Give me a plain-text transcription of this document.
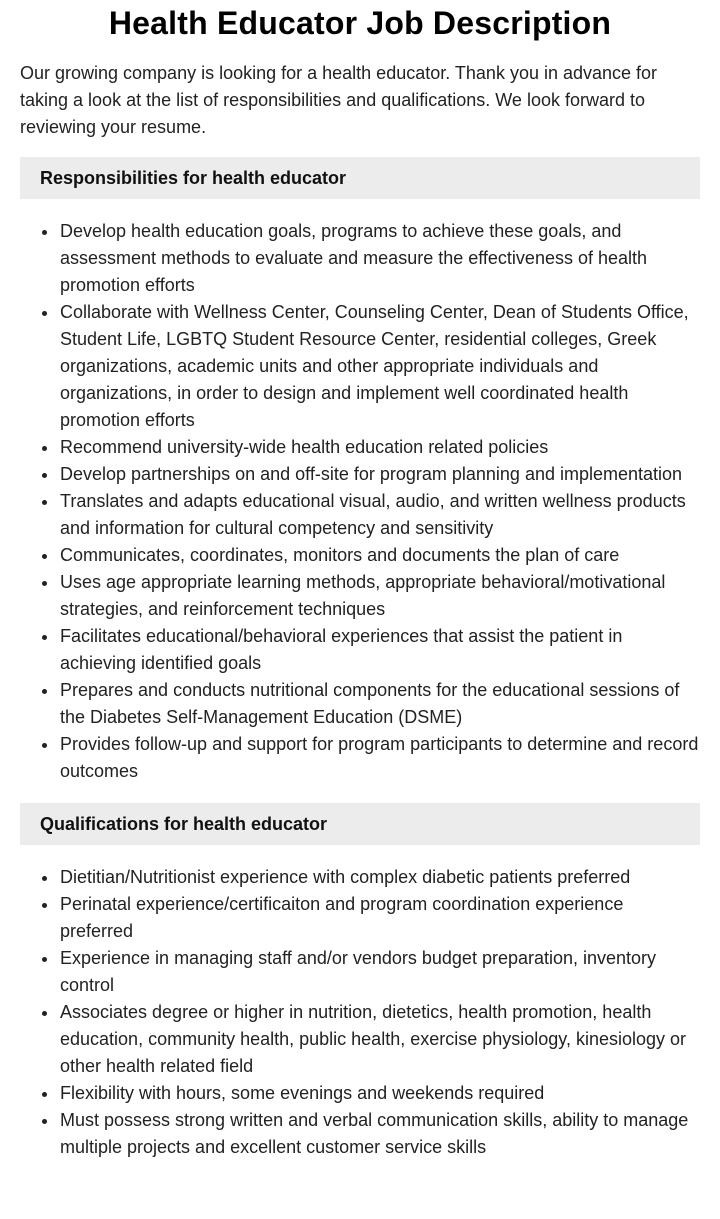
Health Educator Job Description

Our growing company is looking for a health educator. Thank you in advance for taking a look at the list of responsibilities and qualifications. We look forward to reviewing your resume.

Responsibilities for health educator
Develop health education goals, programs to achieve these goals, and assessment methods to evaluate and measure the effectiveness of health promotion efforts
Collaborate with Wellness Center, Counseling Center, Dean of Students Office, Student Life, LGBTQ Student Resource Center, residential colleges, Greek organizations, academic units and other appropriate individuals and organizations, in order to design and implement well coordinated health promotion efforts
Recommend university-wide health education related policies
Develop partnerships on and off-site for program planning and implementation
Translates and adapts educational visual, audio, and written wellness products and information for cultural competency and sensitivity
Communicates, coordinates, monitors and documents the plan of care
Uses age appropriate learning methods, appropriate behavioral/motivational strategies, and reinforcement techniques
Facilitates educational/behavioral experiences that assist the patient in achieving identified goals
Prepares and conducts nutritional components for the educational sessions of the Diabetes Self-Management Education (DSME)
Provides follow-up and support for program participants to determine and record outcomes
Qualifications for health educator
Dietitian/Nutritionist experience with complex diabetic patients preferred
Perinatal experience/certificaiton and program coordination experience preferred
Experience in managing staff and/or vendors budget preparation, inventory control
Associates degree or higher in nutrition, dietetics, health promotion, health education, community health, public health, exercise physiology, kinesiology or other health related field
Flexibility with hours, some evenings and weekends required
Must possess strong written and verbal communication skills, ability to manage multiple projects and excellent customer service skills
